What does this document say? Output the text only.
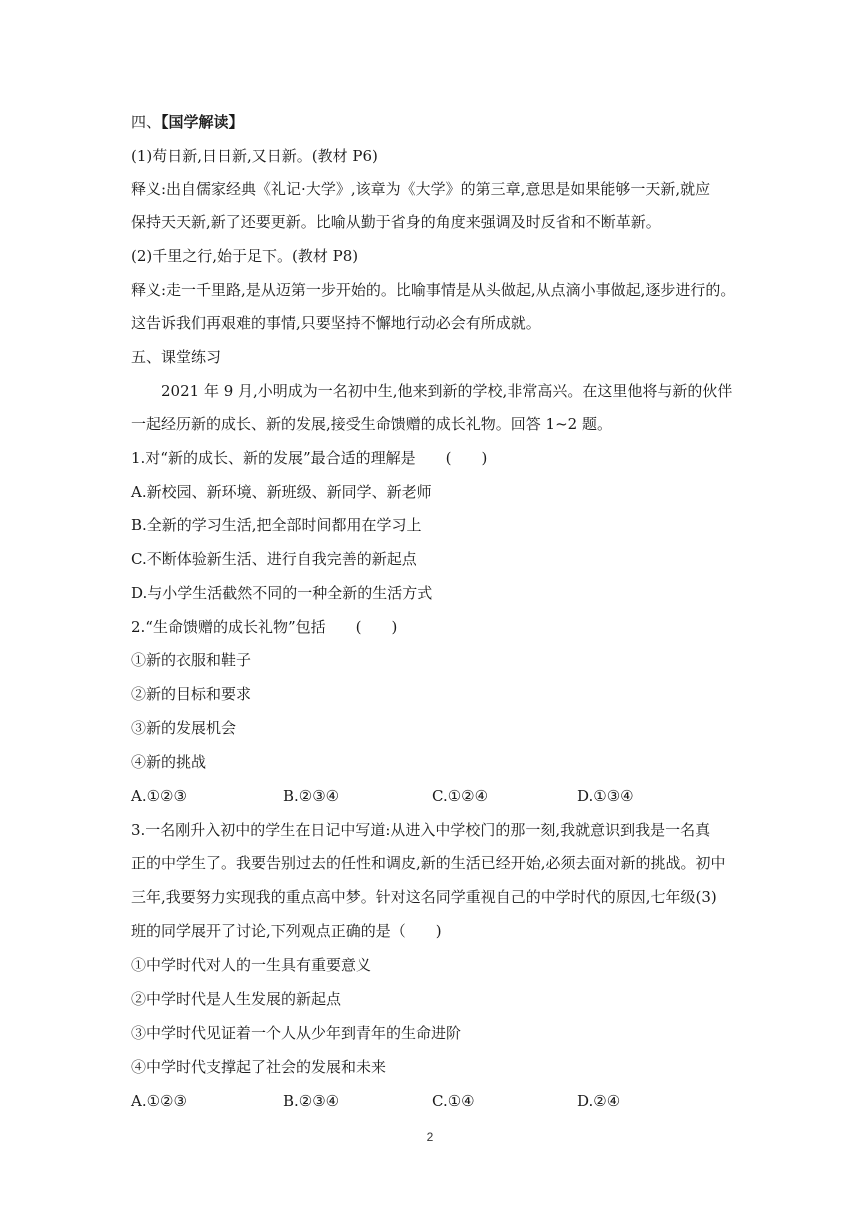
四、【国学解读】
(1)苟日新,日日新,又日新。(教材 P6)
释义:出自儒家经典《礼记·大学》,该章为《大学》的第三章,意思是如果能够一天新,就应
保持天天新,新了还要更新。比喻从勤于省身的角度来强调及时反省和不断革新。
(2)千里之行,始于足下。(教材 P8)
释义:走一千里路,是从迈第一步开始的。比喻事情是从头做起,从点滴小事做起,逐步进行的。
这告诉我们再艰难的事情,只要坚持不懈地行动必会有所成就。
五、课堂练习
2021 年 9 月,小明成为一名初中生,他来到新的学校,非常高兴。在这里他将与新的伙伴
一起经历新的成长、新的发展,接受生命馈赠的成长礼物。回答 1~2 题。
1.对“新的成长、新的发展”最合适的理解是　　(　　)
A.新校园、新环境、新班级、新同学、新老师
B.全新的学习生活,把全部时间都用在学习上
C.不断体验新生活、进行自我完善的新起点
D.与小学生活截然不同的一种全新的生活方式
2.“生命馈赠的成长礼物”包括　　(　　)
①新的衣服和鞋子
②新的目标和要求
③新的发展机会
④新的挑战
A.①②③	B.②③④	C.①②④	D.①③④
3.一名刚升入初中的学生在日记中写道:从进入中学校门的那一刻,我就意识到我是一名真
正的中学生了。我要告别过去的任性和调皮,新的生活已经开始,必须去面对新的挑战。初中
三年,我要努力实现我的重点高中梦。针对这名同学重视自己的中学时代的原因,七年级(3)
班的同学展开了讨论,下列观点正确的是（　　)
①中学时代对人的一生具有重要意义
②中学时代是人生发展的新起点
③中学时代见证着一个人从少年到青年的生命进阶
④中学时代支撑起了社会的发展和未来
A.①②③	B.②③④	C.①④	D.②④
2
